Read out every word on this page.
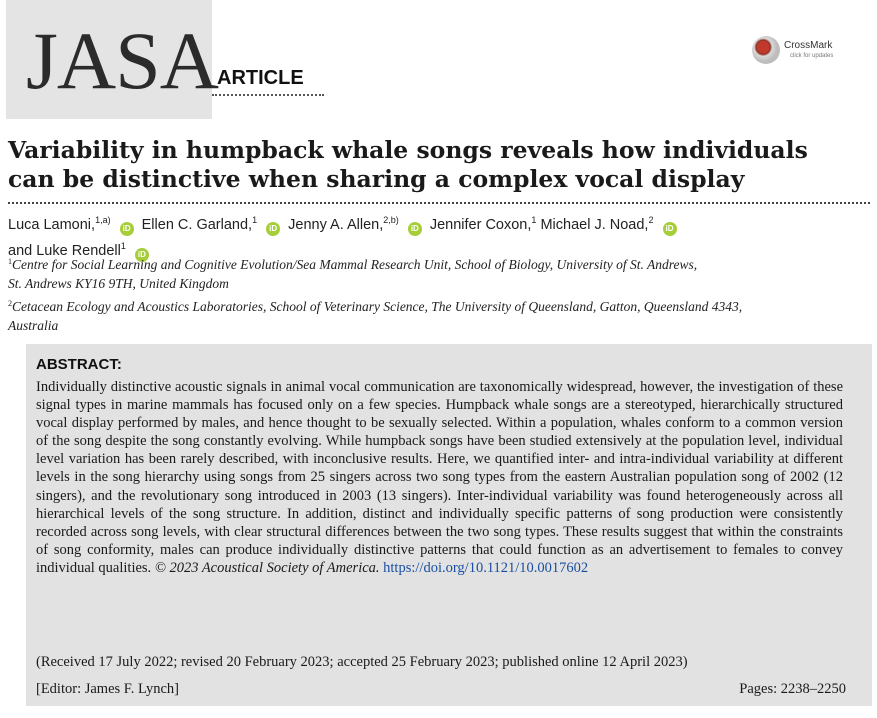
JASA ARTICLE
CrossMark
click for updates
Variability in humpback whale songs reveals how individuals
can be distinctive when sharing a complex vocal display
Luca Lamoni,$^{1,a)}$ iD Ellen C. Garland,$^1$ iD Jenny A. Allen,$^{2,b)}$ iD Jennifer Coxon,$^1$ Michael J. Noad,$^2$ iD
and Luke Rendell$^1$ iD
$^1$Centre for Social Learning and Cognitive Evolution/Sea Mammal Research Unit, School of Biology, University of St. Andrews,
St. Andrews KY16 9TH, United Kingdom
$^2$Cetacean Ecology and Acoustics Laboratories, School of Veterinary Science, The University of Queensland, Gatton, Queensland 4343,
Australia
ABSTRACT:

Individually distinctive acoustic signals in animal vocal communication are taxonomically widespread, however, the investigation of these signal types in marine mammals has focused only on a few species. Humpback whale songs are a stereotyped, hierarchically structured vocal display performed by males, and hence thought to be sexually selected. Within a population, whales conform to a common version of the song despite the song constantly evolving. While humpback songs have been studied extensively at the population level, individual level variation has been rarely described, with inconclusive results. Here, we quantified inter- and intra-individual variability at different levels in the song hierarchy using songs from 25 singers across two song types from the eastern Australian population song of 2002 (12 singers), and the revolutionary song introduced in 2003 (13 singers). Inter-individual variability was found heterogeneously across all hierarchical levels of the song structure. In addition, distinct and individually specific patterns of song production were consistently recorded across song levels, with clear structural differences between the two song types. These results suggest that within the constraints of song conformity, males can produce individually distinctive patterns that could function as an advertisement to females to convey individual qualities. © 2023 Acoustical Society of America. https://doi.org/10.1121/10.0017602

(Received 17 July 2022; revised 20 February 2023; accepted 25 February 2023; published online 12 April 2023)
[Editor: James F. Lynch]	Pages: 2238–2250
